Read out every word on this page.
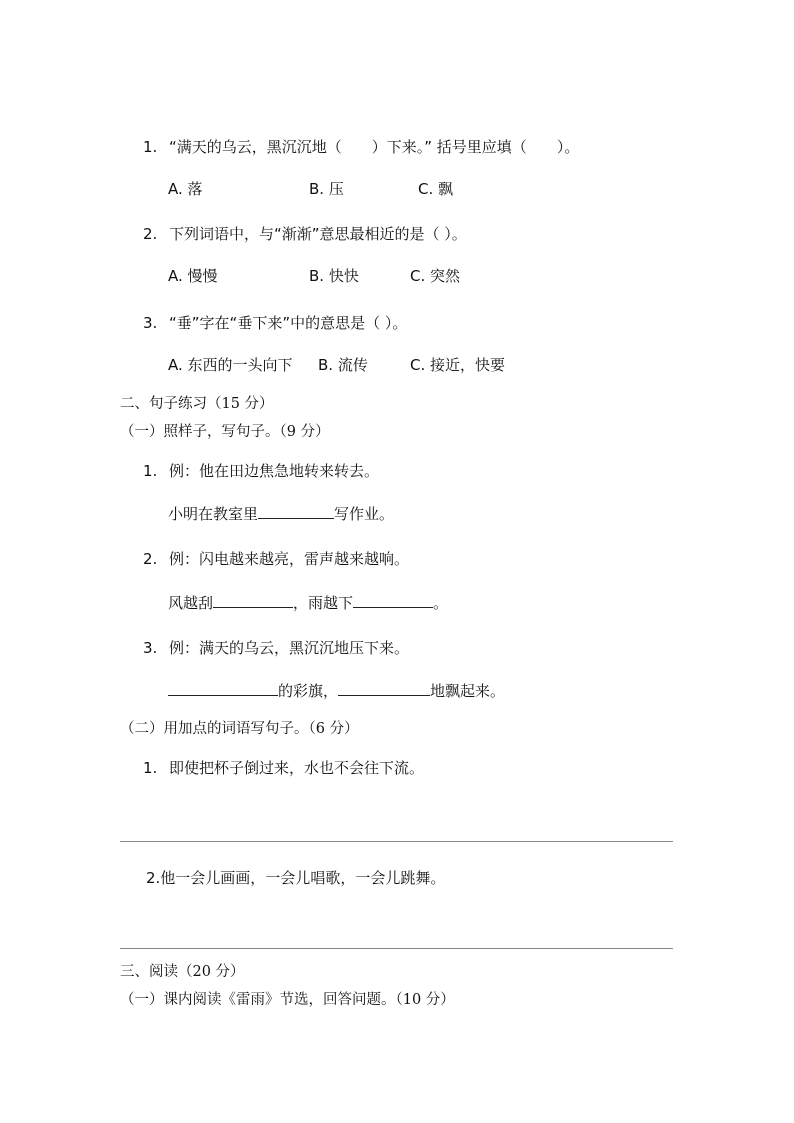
1. “满天的乌云，黑沉沉地（　　）下来。” 括号里应填（　　）。
A. 落	B. 压	C. 飘
2. 下列词语中，与“渐渐”意思最相近的是（ ）。
A. 慢慢	B. 快快	C. 突然
3. “垂”字在“垂下来”中的意思是（ ）。
A. 东西的一头向下 B. 流传	C. 接近，快要
二、句子练习（15 分）
（一）照样子，写句子。（9 分）
1. 例：他在田边焦急地转来转去。
小明在教室里	写作业。
2. 例：闪电越来越亮，雷声越来越响。
风越刮	，雨越下	。
3. 例：满天的乌云，黑沉沉地压下来。
的彩旗，	地飘起来。
（二）用加点的词语写句子。（6 分）
1. 即使把杯子倒过来，水也不会往下流。
2.他一会儿画画，一会儿唱歌，一会儿跳舞。
三、阅读（20 分）
（一）课内阅读《雷雨》节选，回答问题。（10 分）
